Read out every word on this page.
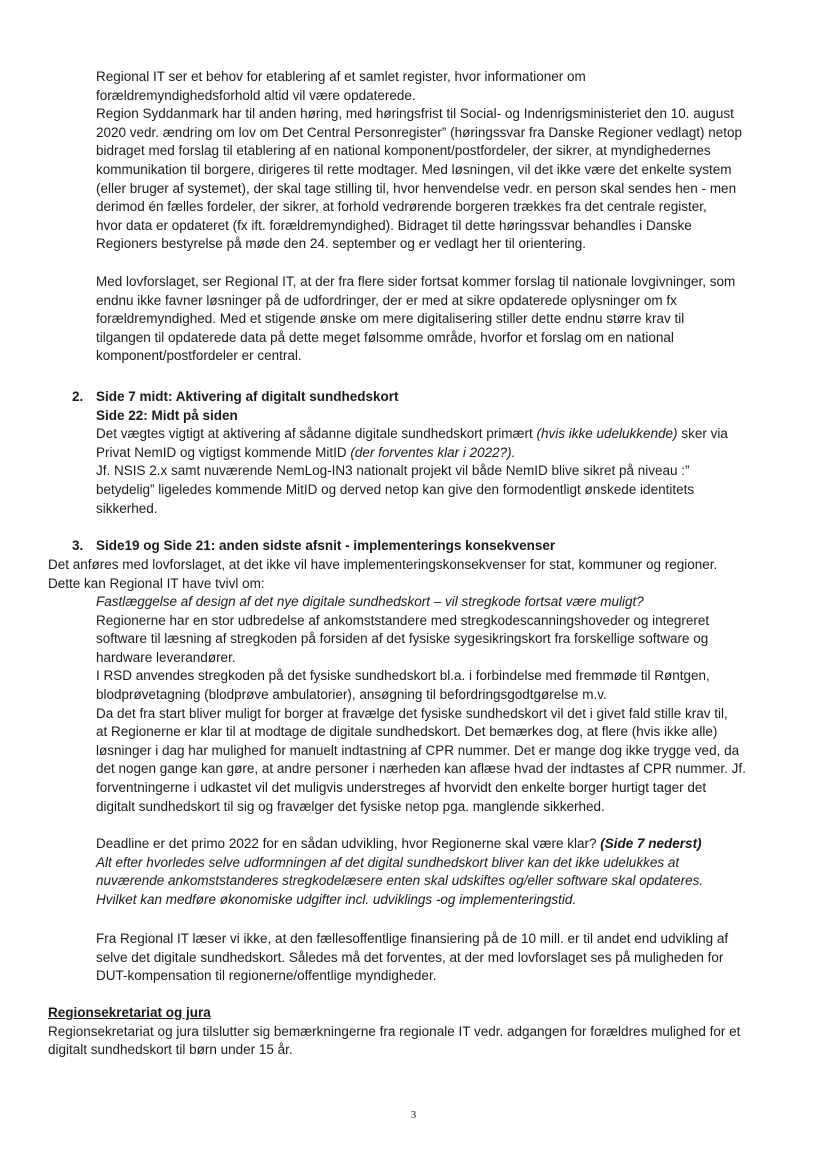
Regional IT ser et behov for etablering af et samlet register, hvor informationer om

forældremyndighedsforhold altid vil være opdaterede.

Region Syddanmark har til anden høring, med høringsfrist til Social- og Indenrigsministeriet den 10. august

2020 vedr. ændring om lov om Det Central Personregister” (høringssvar fra Danske Regioner vedlagt) netop

bidraget med forslag til etablering af en national komponent/postfordeler, der sikrer, at myndighedernes

kommunikation til borgere, dirigeres til rette modtager. Med løsningen, vil det ikke være det enkelte system

(eller bruger af systemet), der skal tage stilling til, hvor henvendelse vedr. en person skal sendes hen - men

derimod én fælles fordeler, der sikrer, at forhold vedrørende borgeren trækkes fra det centrale register,

hvor data er opdateret (fx ift. forældremyndighed). Bidraget til dette høringssvar behandles i Danske

Regioners bestyrelse på møde den 24. september og er vedlagt her til orientering.

Med lovforslaget, ser Regional IT, at der fra flere sider fortsat kommer forslag til nationale lovgivninger, som

endnu ikke favner løsninger på de udfordringer, der er med at sikre opdaterede oplysninger om fx

forældremyndighed. Med et stigende ønske om mere digitalisering stiller dette endnu større krav til

tilgangen til opdaterede data på dette meget følsomme område, hvorfor et forslag om en national

komponent/postfordeler er central.

2. Side 7 midt: Aktivering af digitalt sundhedskort

Side 22: Midt på siden

Det vægtes vigtigt at aktivering af sådanne digitale sundhedskort primært (hvis ikke udelukkende) sker via

Privat NemID og vigtigst kommende MitID (der forventes klar i 2022?).

Jf. NSIS 2.x samt nuværende NemLog-IN3 nationalt projekt vil både NemID blive sikret på niveau :”

betydelig” ligeledes kommende MitID og derved netop kan give den formodentligt ønskede identitets

sikkerhed.

3. Side19 og Side 21: anden sidste afsnit - implementerings konsekvenser

Det anføres med lovforslaget, at det ikke vil have implementeringskonsekvenser for stat, kommuner og regioner.

Dette kan Regional IT have tvivl om:

Fastlæggelse af design af det nye digitale sundhedskort – vil stregkode fortsat være muligt?

Regionerne har en stor udbredelse af ankomststandere med stregkodescanningshoveder og integreret

software til læsning af stregkoden på forsiden af det fysiske sygesikringskort fra forskellige software og

hardware leverandører.

I RSD anvendes stregkoden på det fysiske sundhedskort bl.a. i forbindelse med fremmøde til Røntgen,

blodprøvetagning (blodprøve ambulatorier), ansøgning til befordringsgodtgørelse m.v.

Da det fra start bliver muligt for borger at fravælge det fysiske sundhedskort vil det i givet fald stille krav til,

at Regionerne er klar til at modtage de digitale sundhedskort. Det bemærkes dog, at flere (hvis ikke alle)

løsninger i dag har mulighed for manuelt indtastning af CPR nummer. Det er mange dog ikke trygge ved, da

det nogen gange kan gøre, at andre personer i nærheden kan aflæse hvad der indtastes af CPR nummer. Jf.

forventningerne i udkastet vil det muligvis understreges af hvorvidt den enkelte borger hurtigt tager det

digitalt sundhedskort til sig og fravælger det fysiske netop pga. manglende sikkerhed.

Deadline er det primo 2022 for en sådan udvikling, hvor Regionerne skal være klar? (Side 7 nederst)

Alt efter hvorledes selve udformningen af det digital sundhedskort bliver kan det ikke udelukkes at

nuværende ankomststanderes stregkodelæsere enten skal udskiftes og/eller software skal opdateres.

Hvilket kan medføre økonomiske udgifter incl. udviklings -og implementeringstid.

Fra Regional IT læser vi ikke, at den fællesoffentlige finansiering på de 10 mill. er til andet end udvikling af

selve det digitale sundhedskort. Således må det forventes, at der med lovforslaget ses på muligheden for

DUT-kompensation til regionerne/offentlige myndigheder.

Regionsekretariat og jura

Regionsekretariat og jura tilslutter sig bemærkningerne fra regionale IT vedr. adgangen for forældres mulighed for et

digitalt sundhedskort til børn under 15 år.

3
